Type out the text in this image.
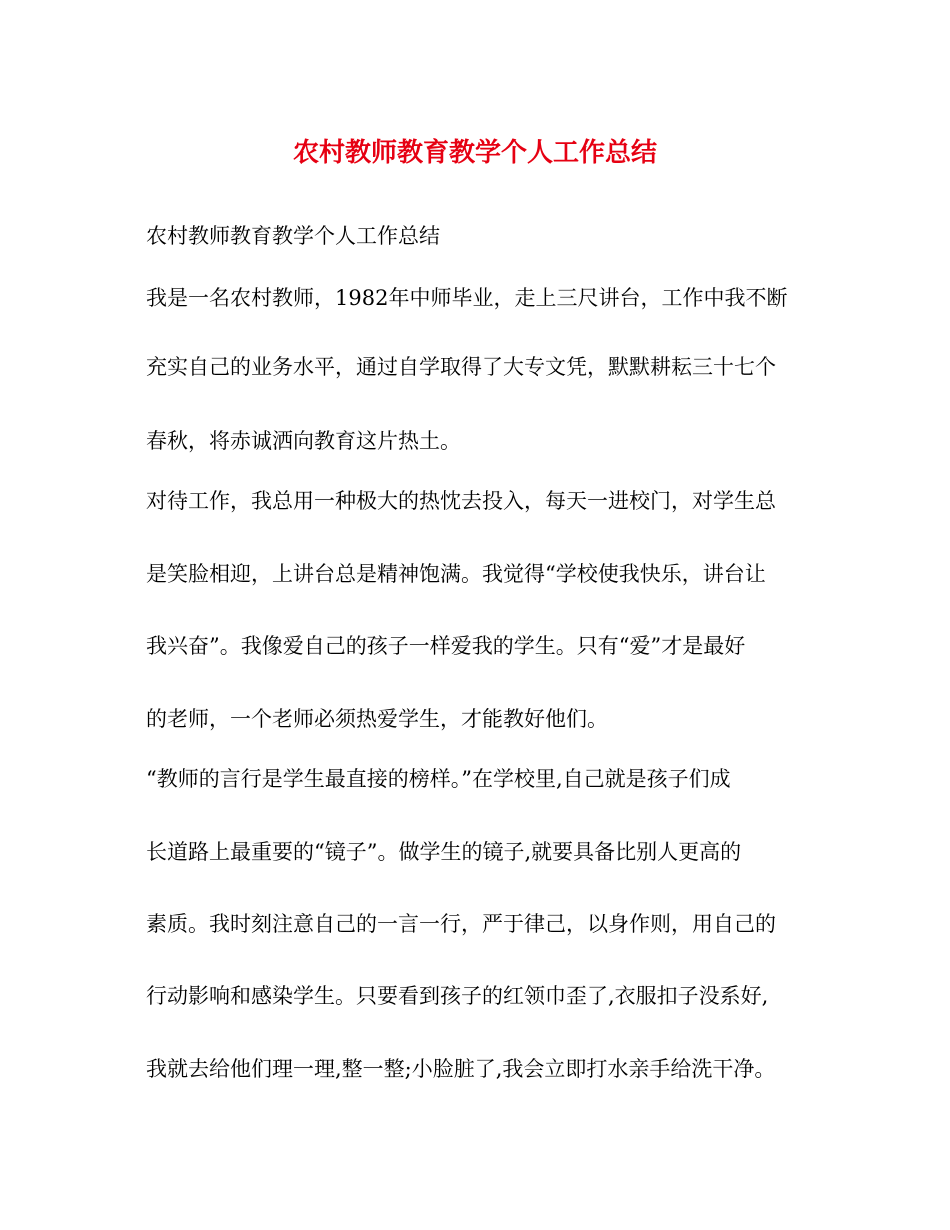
农村教师教育教学个人工作总结
农村教师教育教学个人工作总结
我是一名农村教师，1982年中师毕业，走上三尺讲台，工作中我不断
充实自己的业务水平，通过自学取得了大专文凭，默默耕耘三十七个
春秋，将赤诚洒向教育这片热土。
对待工作，我总用一种极大的热忱去投入，每天一进校门，对学生总
是笑脸相迎，上讲台总是精神饱满。我觉得“学校使我快乐，讲台让
我兴奋”。我像爱自己的孩子一样爱我的学生。只有“爱”才是最好
的老师，一个老师必须热爱学生，才能教好他们。
“教师的言行是学生最直接的榜样。”在学校里,自己就是孩子们成
长道路上最重要的“镜子”。做学生的镜子,就要具备比别人更高的
素质。我时刻注意自己的一言一行，严于律己，以身作则，用自己的
行动影响和感染学生。只要看到孩子的红领巾歪了,衣服扣子没系好,
我就去给他们理一理,整一整;小脸脏了,我会立即打水亲手给洗干净。
